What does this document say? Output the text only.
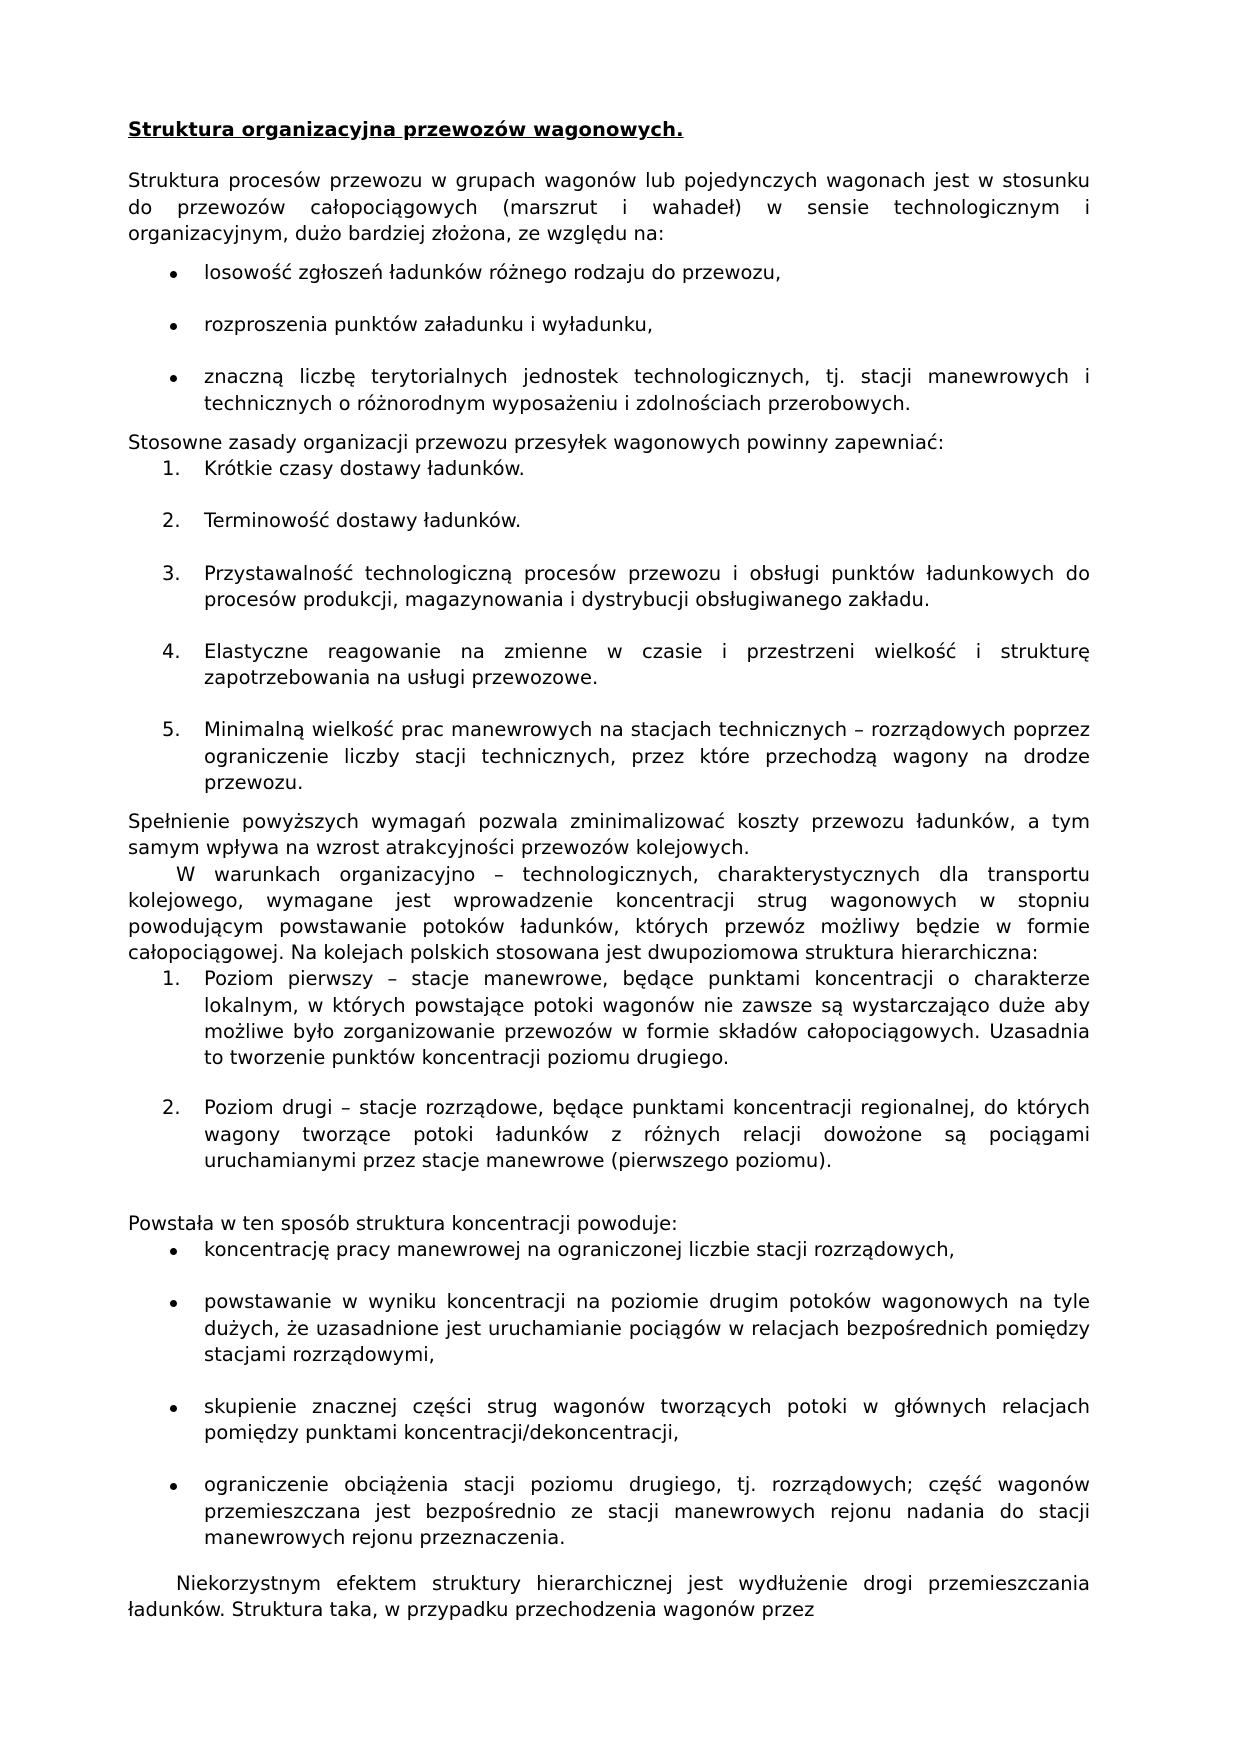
Struktura organizacyjna przewozów wagonowych.

Struktura procesów przewozu w grupach wagonów lub pojedynczych wagonach jest w stosunku do przewozów całopociągowych (marszrut i wahadeł) w sensie technologicznym i organizacyjnym, dużo bardziej złożona, ze względu na:

losowość zgłoszeń ładunków różnego rodzaju do przewozu,
rozproszenia punktów załadunku i wyładunku,
znaczną liczbę terytorialnych jednostek technologicznych, tj. stacji manewrowych i technicznych o różnorodnym wyposażeniu i zdolnościach przerobowych.

Stosowne zasady organizacji przewozu przesyłek wagonowych powinny zapewniać:

Krótkie czasy dostawy ładunków.
Terminowość dostawy ładunków.
Przystawalność technologiczną procesów przewozu i obsługi punktów ładunkowych do procesów produkcji, magazynowania i dystrybucji obsługiwanego zakładu.
Elastyczne reagowanie na zmienne w czasie i przestrzeni wielkość i strukturę zapotrzebowania na usługi przewozowe.
Minimalną wielkość prac manewrowych na stacjach technicznych – rozrządowych poprzez ograniczenie liczby stacji technicznych, przez które przechodzą wagony na drodze przewozu.

Spełnienie powyższych wymagań pozwala zminimalizować koszty przewozu ładunków, a tym samym wpływa na wzrost atrakcyjności przewozów kolejowych.

W warunkach organizacyjno – technologicznych, charakterystycznych dla transportu kolejowego, wymagane jest wprowadzenie koncentracji strug wagonowych w stopniu powodującym powstawanie potoków ładunków, których przewóz możliwy będzie w formie całopociągowej. Na kolejach polskich stosowana jest dwupoziomowa struktura hierarchiczna:

Poziom pierwszy – stacje manewrowe, będące punktami koncentracji o charakterze lokalnym, w których powstające potoki wagonów nie zawsze są wystarczająco duże aby możliwe było zorganizowanie przewozów w formie składów całopociągowych. Uzasadnia to tworzenie punktów koncentracji poziomu drugiego.
Poziom drugi – stacje rozrządowe, będące punktami koncentracji regionalnej, do których wagony tworzące potoki ładunków z różnych relacji dowożone są pociągami uruchamianymi przez stacje manewrowe (pierwszego poziomu).

Powstała w ten sposób struktura koncentracji powoduje:

koncentrację pracy manewrowej na ograniczonej liczbie stacji rozrządowych,
powstawanie w wyniku koncentracji na poziomie drugim potoków wagonowych na tyle dużych, że uzasadnione jest uruchamianie pociągów w relacjach bezpośrednich pomiędzy stacjami rozrządowymi,
skupienie znacznej części strug wagonów tworzących potoki w głównych relacjach pomiędzy punktami koncentracji/dekoncentracji,
ograniczenie obciążenia stacji poziomu drugiego, tj. rozrządowych; część wagonów przemieszczana jest bezpośrednio ze stacji manewrowych rejonu nadania do stacji manewrowych rejonu przeznaczenia.

Niekorzystnym efektem struktury hierarchicznej jest wydłużenie drogi przemieszczania ładunków. Struktura taka, w przypadku przechodzenia wagonów przez
